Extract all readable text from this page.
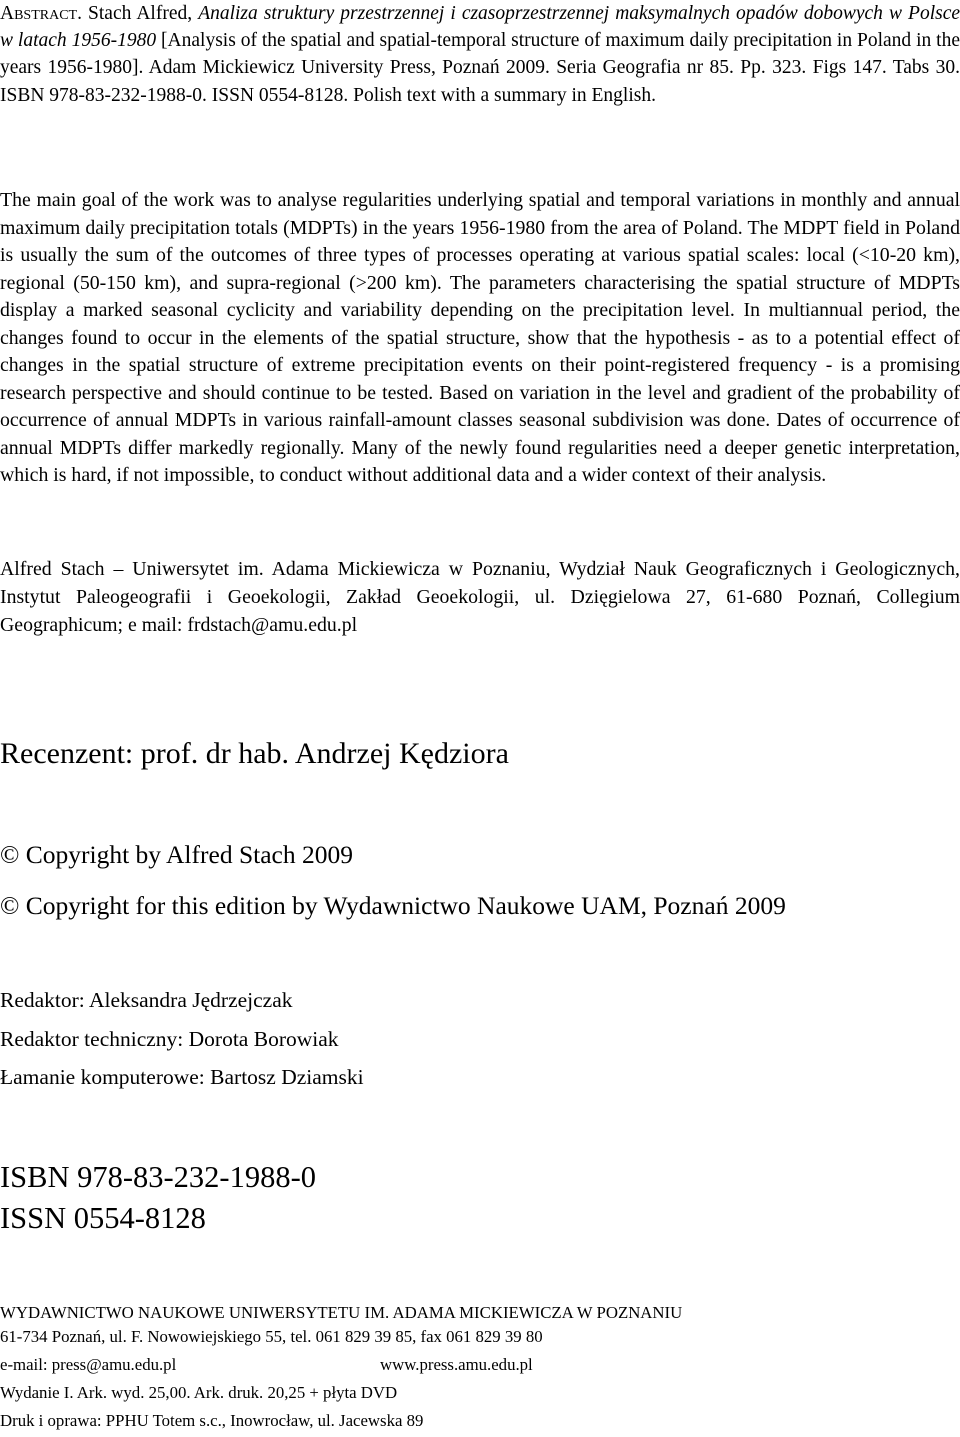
Abstract. Stach Alfred, Analiza struktury przestrzennej i czasoprzestrzennej maksymalnych opadów dobowych w Polsce w latach 1956-1980 [Analysis of the spatial and spatial-temporal structure of maximum daily precipitation in Poland in the years 1956-1980]. Adam Mickiewicz University Press, Poznań 2009. Seria Geografia nr 85. Pp. 323. Figs 147. Tabs 30. ISBN 978-83-232-1988-0. ISSN 0554-8128. Polish text with a summary in English.

The main goal of the work was to analyse regularities underlying spatial and temporal variations in monthly and annual maximum daily precipitation totals (MDPTs) in the years 1956-1980 from the area of Poland. The MDPT field in Poland is usually the sum of the outcomes of three types of processes operating at various spatial scales: local (<10-20 km), regional (50-150 km), and supra-regional (>200 km). The parameters characterising the spatial structure of MDPTs display a marked seasonal cyclicity and variability depending on the precipitation level. In multiannual period, the changes found to occur in the elements of the spatial structure, show that the hypothesis - as to a potential effect of changes in the spatial structure of extreme precipitation events on their point-registered frequency - is a promising research perspective and should continue to be tested. Based on variation in the level and gradient of the probability of occurrence of annual MDPTs in various rainfall-amount classes seasonal subdivision was done. Dates of occurrence of annual MDPTs differ markedly regionally. Many of the newly found regularities need a deeper genetic interpretation, which is hard, if not impossible, to conduct without additional data and a wider context of their analysis.

Alfred Stach – Uniwersytet im. Adama Mickiewicza w Poznaniu, Wydział Nauk Geograficznych i Geologicznych, Instytut Paleogeografii i Geoekologii, Zakład Geoekologii, ul. Dzięgielowa 27, 61-680 Poznań, Collegium Geographicum; e mail: frdstach@amu.edu.pl

Recenzent: prof. dr hab. Andrzej Kędziora

© Copyright by Alfred Stach 2009

© Copyright for this edition by Wydawnictwo Naukowe UAM, Poznań 2009

Redaktor: Aleksandra Jędrzejczak

Redaktor techniczny: Dorota Borowiak

Łamanie komputerowe: Bartosz Dziamski

ISBN 978-83-232-1988-0

ISSN 0554-8128

WYDAWNICTWO NAUKOWE UNIWERSYTETU IM. ADAMA MICKIEWICZA W POZNANIU

61-734 Poznań, ul. F. Nowowiejskiego 55, tel. 061 829 39 85, fax 061 829 39 80

e-mail: press@amu.edu.pl	www.press.amu.edu.pl

Wydanie I. Ark. wyd. 25,00. Ark. druk. 20,25 + płyta DVD

Druk i oprawa: PPHU Totem s.c., Inowrocław, ul. Jacewska 89
